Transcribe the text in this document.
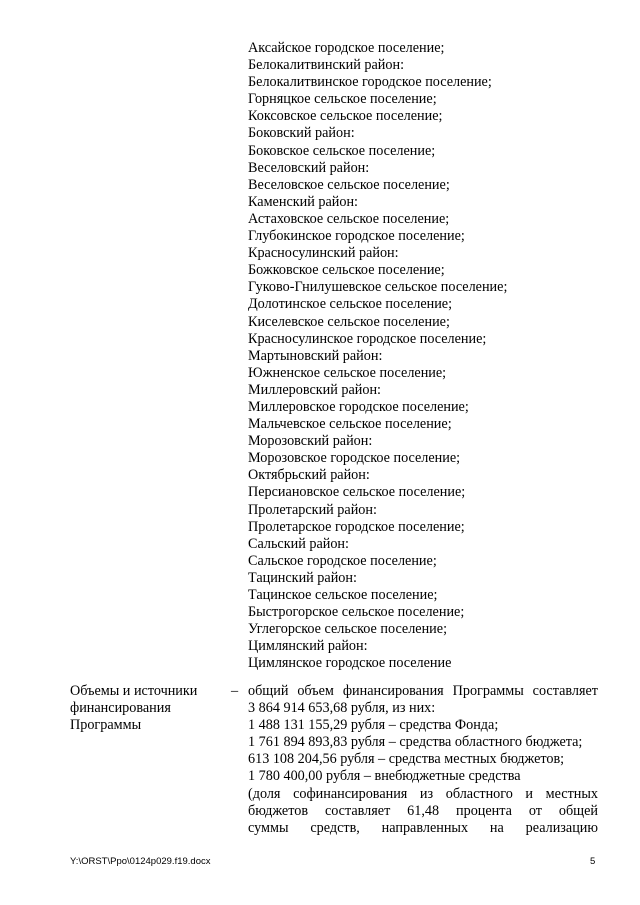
Аксайское городское поселение;
Белокалитвинский район:
Белокалитвинское городское поселение;
Горняцкое сельское поселение;
Коксовское сельское поселение;
Боковский район:
Боковское сельское поселение;
Веселовский район:
Веселовское сельское поселение;
Каменский район:
Астаховское сельское поселение;
Глубокинское городское поселение;
Красносулинский район:
Божковское сельское поселение;
Гуково-Гнилушевское сельское поселение;
Долотинское сельское поселение;
Киселевское сельское поселение;
Красносулинское городское поселение;
Мартыновский район:
Южненское сельское поселение;
Миллеровский район:
Миллеровское городское поселение;
Мальчевское сельское поселение;
Морозовский район:
Морозовское городское поселение;
Октябрьский район:
Персиановское сельское поселение;
Пролетарский район:
Пролетарское городское поселение;
Сальский район:
Сальское городское поселение;
Тацинский район:
Тацинское сельское поселение;
Быстрогорское сельское поселение;
Углегорское сельское поселение;
Цимлянский район:
Цимлянское городское поселение
Объемы и источники
финансирования
Программы
– общий объем финансирования Программы составляет
3 864 914 653,68 рубля, из них:
1 488 131 155,29 рубля – средства Фонда;
1 761 894 893,83 рубля – средства областного бюджета;
613 108 204,56 рубля – средства местных бюджетов;
1 780 400,00 рубля – внебюджетные средства
(доля софинансирования из областного и местных
бюджетов составляет 61,48 процента от общей
суммы средств, направленных на реализацию
Y:\ORST\Ppo\0124p029.f19.docx	5
